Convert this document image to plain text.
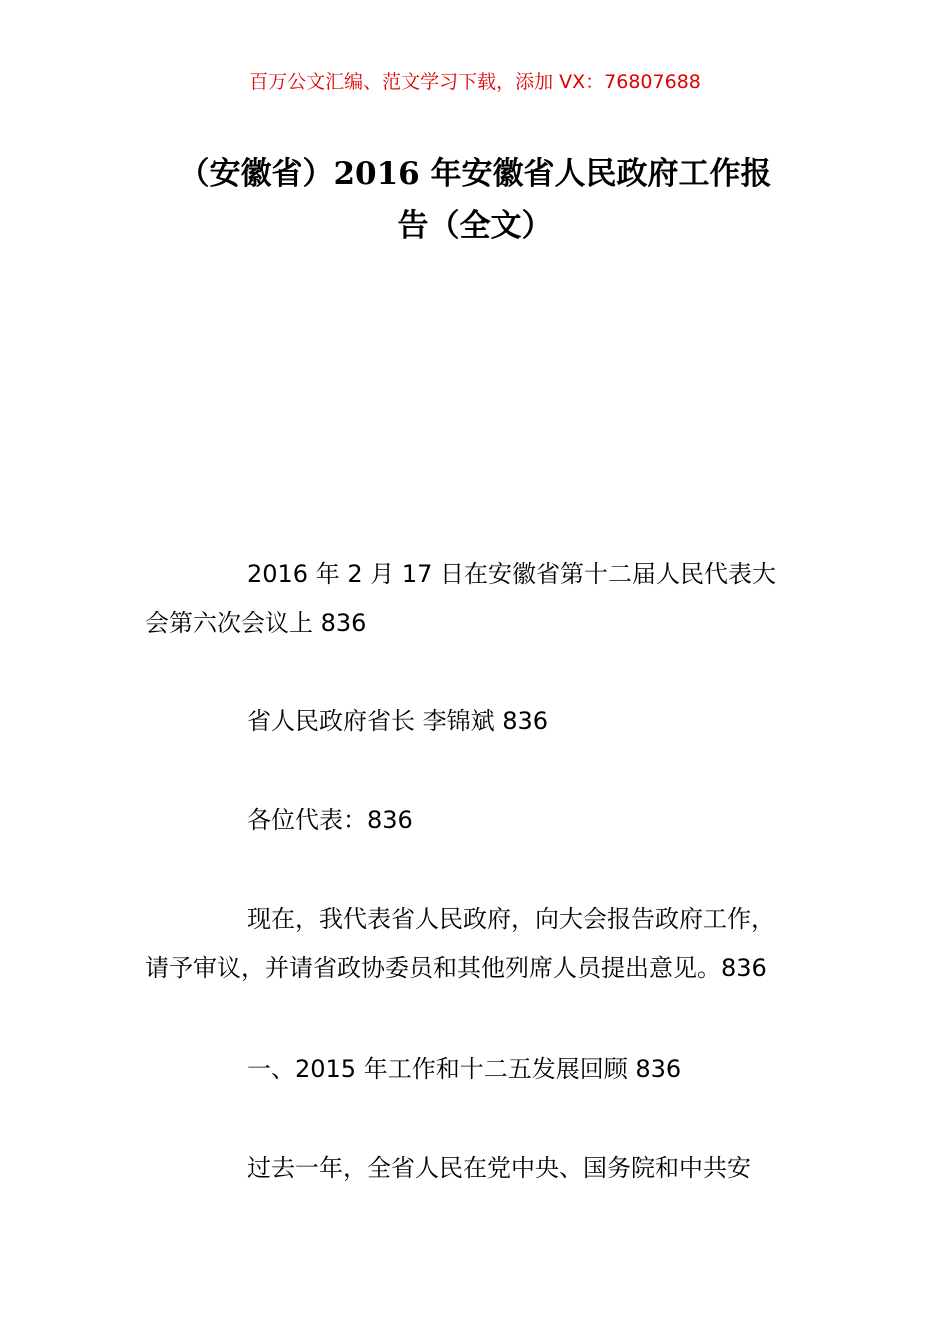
百万公文汇编、范文学习下载，添加 VX：76807688
（安徽省）2016 年安徽省人民政府工作报
告（全文）
2016 年 2 月 17 日在安徽省第十二届人民代表大
会第六次会议上 836
省人民政府省长 李锦斌 836
各位代表：836
现在，我代表省人民政府，向大会报告政府工作，
请予审议，并请省政协委员和其他列席人员提出意见。836
一、2015 年工作和十二五发展回顾 836
过去一年，全省人民在党中央、国务院和中共安
